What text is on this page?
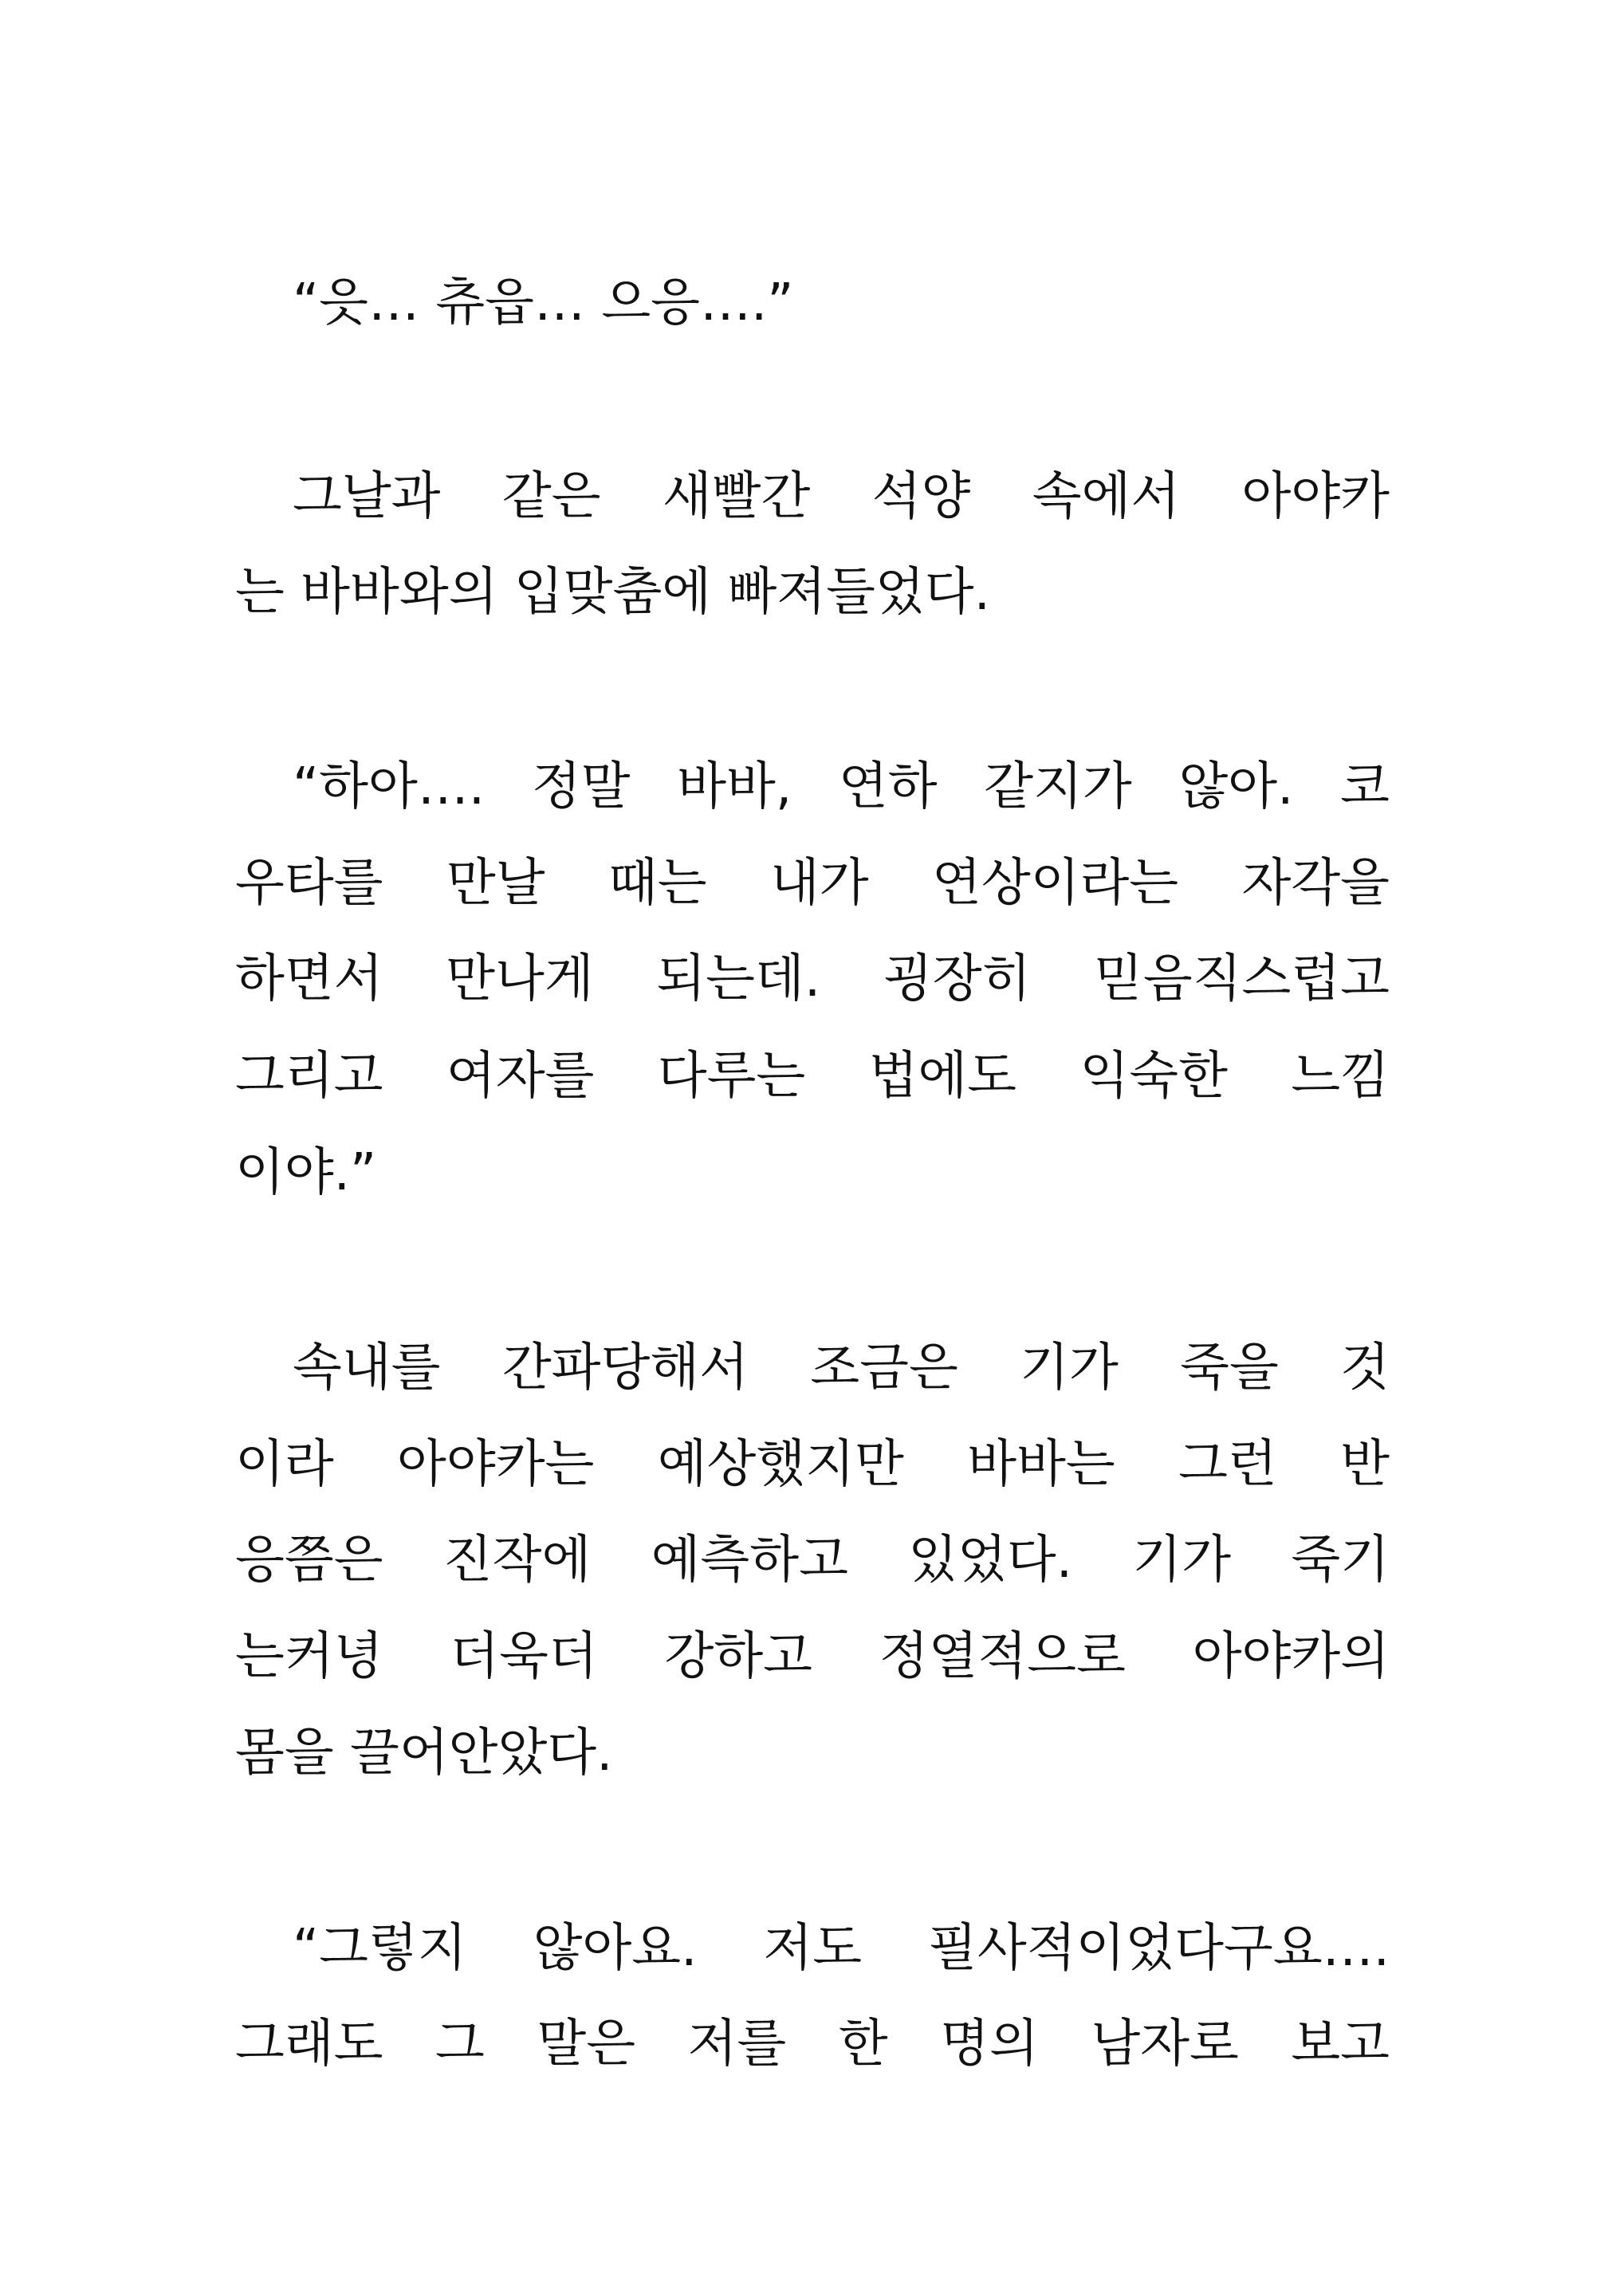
“읏… 츄읍… 으응….”
그날과 같은 새빨간 석양 속에서 아야카
는 바바와의 입맞춤에 빠져들었다.
“하아…. 정말 바바, 연하 같지가 않아. 코
우타를 만날 때는 내가 연상이라는 자각을
하면서 만나게 되는데. 굉장히 믿음직스럽고
그리고 여자를 다루는 법에도 익숙한 느낌
이야.”
속내를 간파당해서 조금은 기가 죽을 것
이라 아야카는 예상했지만 바바는 그런 반
응쯤은 진작에 예측하고 있었다. 기가 죽기
는커녕 더욱더 강하고 정열적으로 아야카의
몸을 끌어안았다.
“그렇지 않아요. 저도 필사적이었다구요….
그래도 그 말은 저를 한 명의 남자로 보고
